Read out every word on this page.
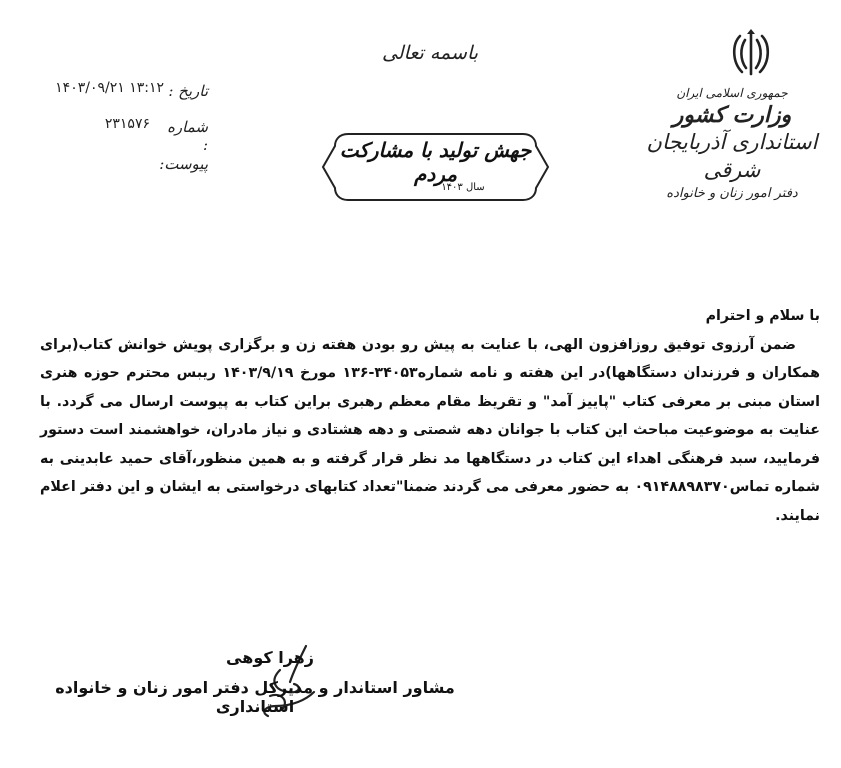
باسمه تعالی
جمهوری اسلامی ایران
وزارت کشور
استانداری آذربایجان شرقی
دفتر امور زنان و خانواده
تاریخ :
۱۴۰۳/۰۹/۲۱ ۱۳:۱۲
شماره :
۲۳۱۵۷۶
پیوست:
جهش تولید با مشارکت مردم
سال ۱۴۰۳

با سلام و احترام

ضمن آرزوی توفیق روزافزون الهی، با عنایت به پیش رو بودن هفته زن و برگزاری پویش خوانش کتاب(برای همکاران و فرزندان دستگاهها)در این هفته و نامه شماره۳۴۰۵۳-۱۳۶ مورخ ۱۴۰۳/۹/۱۹ ریبس محترم حوزه هنری استان مبنی بر معرفی کتاب "پاییز آمد" و تقریظ مقام معظم رهبری براین کتاب به پیوست ارسال می گردد. با عنایت به موضوعیت مباحث این کتاب با جوانان دهه شصتی و دهه هشتادی و نیاز مادران، خواهشمند است دستور فرمایید، سبد فرهنگی اهداء این کتاب در دستگاهها مد نظر قرار گرفته و به همین منظور،آقای حمید عابدینی به شماره تماس۰۹۱۴۸۸۹۸۳۷۰ به حضور معرفی می گردند ضمنا"تعداد کتابهای درخواستی به ایشان و این دفتر اعلام نمایند.

زهرا کوهی
مشاور استاندار و مدیرکل دفتر امور زنان و خانواده استانداری
